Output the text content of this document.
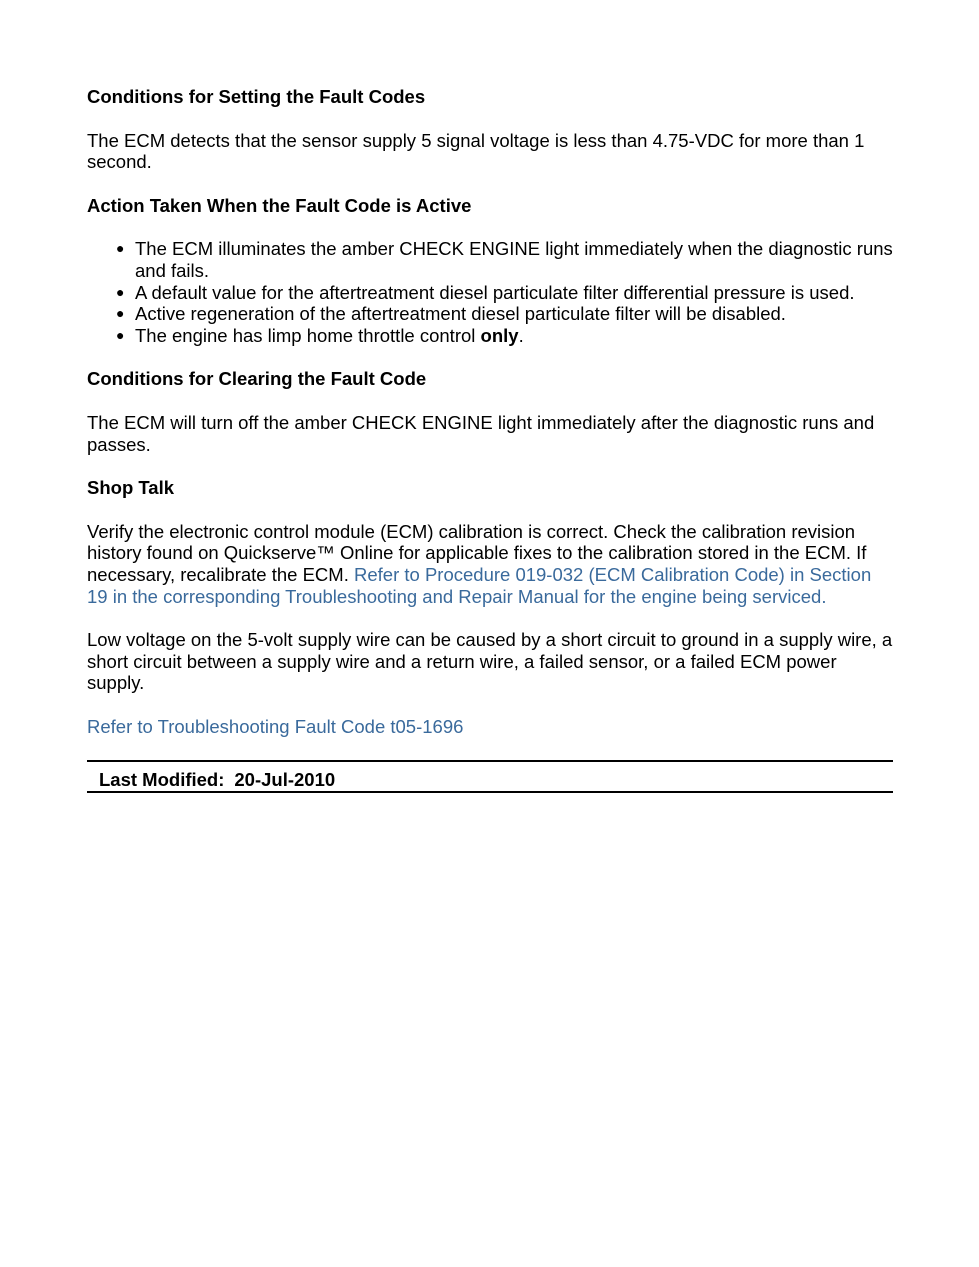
Conditions for Setting the Fault Codes

The ECM detects that the sensor supply 5 signal voltage is less than 4.75-VDC for more than 1 second.

Action Taken When the Fault Code is Active
● The ECM illuminates the amber CHECK ENGINE light immediately when the diagnostic runs and fails.
● A default value for the aftertreatment diesel particulate filter differential pressure is used.
● Active regeneration of the aftertreatment diesel particulate filter will be disabled.
● The engine has limp home throttle control only.
Conditions for Clearing the Fault Code

The ECM will turn off the amber CHECK ENGINE light immediately after the diagnostic runs and passes.

Shop Talk

Verify the electronic control module (ECM) calibration is correct. Check the calibration revision history found on Quickserve™ Online for applicable fixes to the calibration stored in the ECM. If necessary, recalibrate the ECM. Refer to Procedure 019-032 (ECM Calibration Code) in Section 19 in the corresponding Troubleshooting and Repair Manual for the engine being serviced.

Low voltage on the 5-volt supply wire can be caused by a short circuit to ground in a supply wire, a short circuit between a supply wire and a return wire, a failed sensor, or a failed ECM power supply.

Refer to Troubleshooting Fault Code t05-1696

Last Modified: 20-Jul-2010
